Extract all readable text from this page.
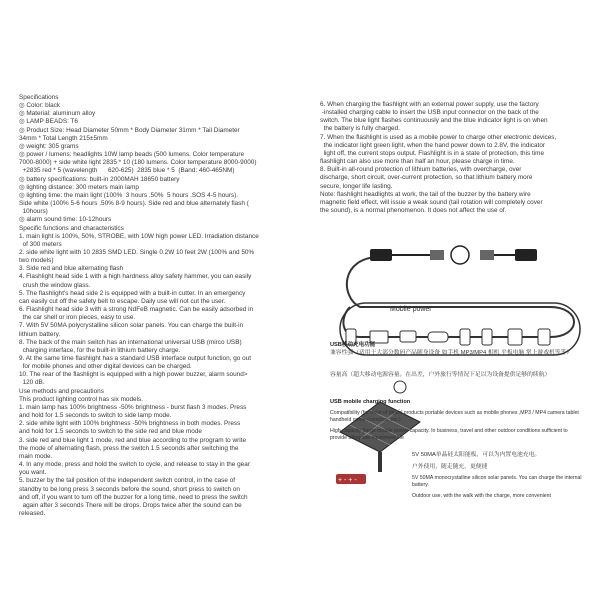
Specifications
◎ Color: black
◎ Material: aluminum alloy
◎ LAMP BEADS: T6
◎ Product Size: Head Diameter 50mm * Body Diameter 31mm * Tail Diameter
34mm * Total Length 215±5mm
◎ weight: 305 grams
◎ power / lumens: headlights 10W lamp beads (500 lumens. Color temperature
7000-8000) + side white light 2835 * 10 (180 lumens. Color temperature 8000-9000)
+2835 red * 5 (wavelength      620-625)  2835 blue * 5  (Band: 460-465NM)
◎ battery specifications: built-in 2000MAH 18650 battery
◎ lighting distance: 300 meters main lamp
◎ lighting time: the main light (100%  3 hours .50%  5 hours .SOS 4-5 hours).
Side white (100% 5-6 hours .50% 8-9 hours). Side red and blue alternately flash (
10hours)
◎ alarm sound time: 10-12hours
Specific functions and characteristics
1. main light is 100%, 50%, STROBE, with 10W high power LED. Irradiation distance
of 300 meters
2. side white light with 10 2835 SMD LED. Single 0.2W 10 feet 2W (100% and 50%
two models)
3. Side red and blue alternating flash
4. Flashlight head side 1 with a high hardness alloy safety hammer, you can easily
crush the window glass.
5. The flashlight's head side 2 is equipped with a built-in cutter. In an emergency
can easily cut off the safety belt to escape. Daily use will not cut the user.
6. Flashlight head side 3 with a strong NdFeB magnetic. Can be easily adsorbed in
the car shell or iron pieces, easy to use.
7. With 5V 50MA polycrystalline silicon solar panels. You can charge the built-in
lithium battery.
8. The back of the main switch has an international universal USB (mirco USB)
charging interface, for the built-in lithium battery charge.
9. At the same time flashlight has a standard USB interface output function, go out
for mobile phones and other digital devices can be charged.
10. The rear of the flashlight is equipped with a high power buzzer, alarm sound>
120 dB.
Use methods and precautions
This product lighting control has six models.
1. main lamp has 100% brightness -50% brightness - burst flash 3 modes. Press
and hold for 1.5 seconds to switch to side lamp mode.
2. side white light with 100% brightness -50% brightness in both modes. Press
and hold for 1.5 seconds to switch to the side red and blue mode
3. side red and blue light 1 mode, red and blue according to the program to write
the mode of alternating flash, press the switch 1.5 seconds after switching the
main mode.
4. In any mode, press and hold the switch to cycle, and release to stay in the gear
you want.
5. buzzer by the tail position of the independent switch control, in the case of
standby to be long press 3 seconds before the sound, short press to switch on
and off, if you want to turn off the buzzer for a long time, need to press the switch
again after 3 seconds There will be drops. Drops twice after the sound can be
released.
6. When charging the flashlight with an external power supply, use the factory
-installed charging cable to insert the USB input connector on the back of the
switch. The blue light flashes continuously and the blue indicator light is on when
the battery is fully charged.
7. When the flashlight is used as a mobile power to charge other electronic devices,
the indicator light green light, when the hand power down to 2.8V, the indicator
light off, the current stops output. Flashlight is in a state of protection, this time
flashlight can also use more than half an hour, please charge in time.
8. Built-in all-round protection of lithium batteries, with overcharge, over
discharge, short circuit, over-current protection, so that lithium battery more
secure, longer life lasting.
Note: flashlight headlights at work, the tail of the buzzer by the battery wire
magnetic field effect, will issue a weak sound (tail rotation will completely cover
the sound), is a normal phenomenon. It does not affect the use of.
Mobile power
+ - + -
USB移动充电功能
兼容性强（适用于大部分数码产品随身设备 如手机 MP3/MP4 相机 平板电脑 掌上游戏机等等）
容量高（超大移动电源容量。在出差，户外旅行等情况下足以为设备提供足够的续航）
USB mobile charging function
Compatibility (for most of digital products portable devices such as mobile phones ,MP3 / MP4 camera tablet handheld game consoles, etc.)
High capacity (large mobile power capacity. In business, travel and other outdoor conditions sufficient to provide adequate equipment life
5V 50MA单晶硅太阳能板，可以为内置电池充电。
户外使用，随走随充，更便捷
5V 50MA monocrystalline silicon solar panels. You can charge the internal battery.
Outdoor use, with the walk with the charge, more convenient
